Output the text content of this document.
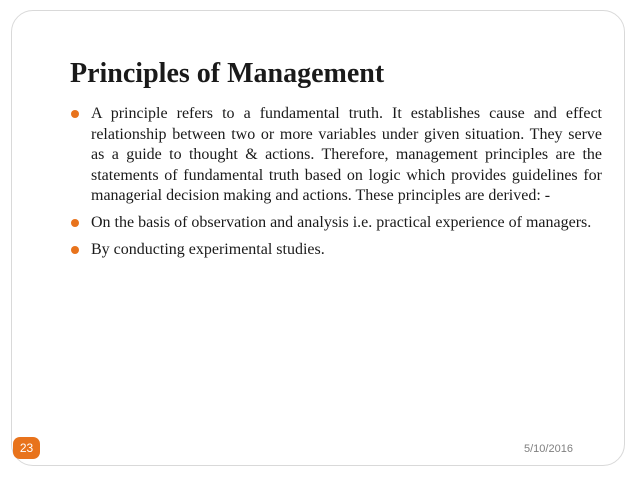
Principles of Management
A principle refers to a fundamental truth. It establishes cause and effect relationship between two or more variables under given situation. They serve as a guide to thought & actions. Therefore, management principles are the statements of fundamental truth based on logic which provides guidelines for managerial decision making and actions. These principles are derived: -
On the basis of observation and analysis i.e. practical experience of managers.
By conducting experimental studies.
23	5/10/2016
